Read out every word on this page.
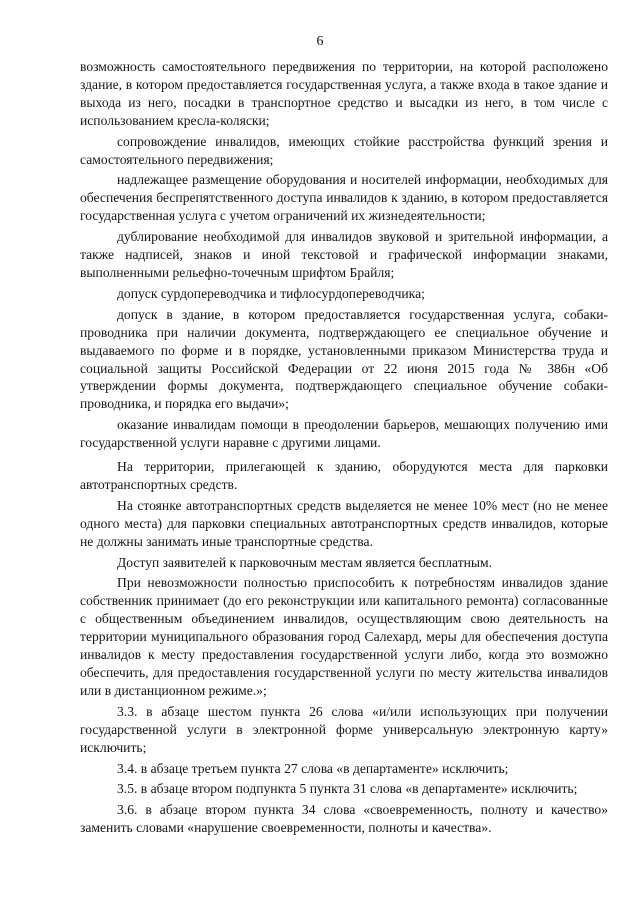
6

возможность самостоятельного передвижения по территории, на которой расположено здание, в котором предоставляется государственная услуга, а также входа в такое здание и выхода из него, посадки в транспортное средство и высадки из него, в том числе с использованием кресла-коляски;

сопровождение инвалидов, имеющих стойкие расстройства функций зрения и самостоятельного передвижения;

надлежащее размещение оборудования и носителей информации, необходимых для обеспечения беспрепятственного доступа инвалидов к зданию, в котором предоставляется государственная услуга с учетом ограничений их жизнедеятельности;

дублирование необходимой для инвалидов звуковой и зрительной информации, а также надписей, знаков и иной текстовой и графической информации знаками, выполненными рельефно-точечным шрифтом Брайля;

допуск сурдопереводчика и тифлосурдопереводчика;

допуск в здание, в котором предоставляется государственная услуга, собаки-проводника при наличии документа, подтверждающего ее специальное обучение и выдаваемого по форме и в порядке, установленными приказом Министерства труда и социальной защиты Российской Федерации от 22 июня 2015 года № 386н «Об утверждении формы документа, подтверждающего специальное обучение собаки-проводника, и порядка его выдачи»;

оказание инвалидам помощи в преодолении барьеров, мешающих получению ими государственной услуги наравне с другими лицами.

На территории, прилегающей к зданию, оборудуются места для парковки автотранспортных средств.

На стоянке автотранспортных средств выделяется не менее 10% мест (но не менее одного места) для парковки специальных автотранспортных средств инвалидов, которые не должны занимать иные транспортные средства.

Доступ заявителей к парковочным местам является бесплатным.

При невозможности полностью приспособить к потребностям инвалидов здание собственник принимает (до его реконструкции или капитального ремонта) согласованные с общественным объединением инвалидов, осуществляющим свою деятельность на территории муниципального образования город Салехард, меры для обеспечения доступа инвалидов к месту предоставления государственной услуги либо, когда это возможно обеспечить, для предоставления государственной услуги по месту жительства инвалидов или в дистанционном режиме.»;

3.3. в абзаце шестом пункта 26 слова «и/или использующих при получении государственной услуги в электронной форме универсальную электронную карту» исключить;

3.4. в абзаце третьем пункта 27 слова «в департаменте» исключить;

3.5. в абзаце втором подпункта 5 пункта 31 слова «в департаменте» исключить;

3.6. в абзаце втором пункта 34 слова «своевременность, полноту и качество» заменить словами «нарушение своевременности, полноты и качества».
